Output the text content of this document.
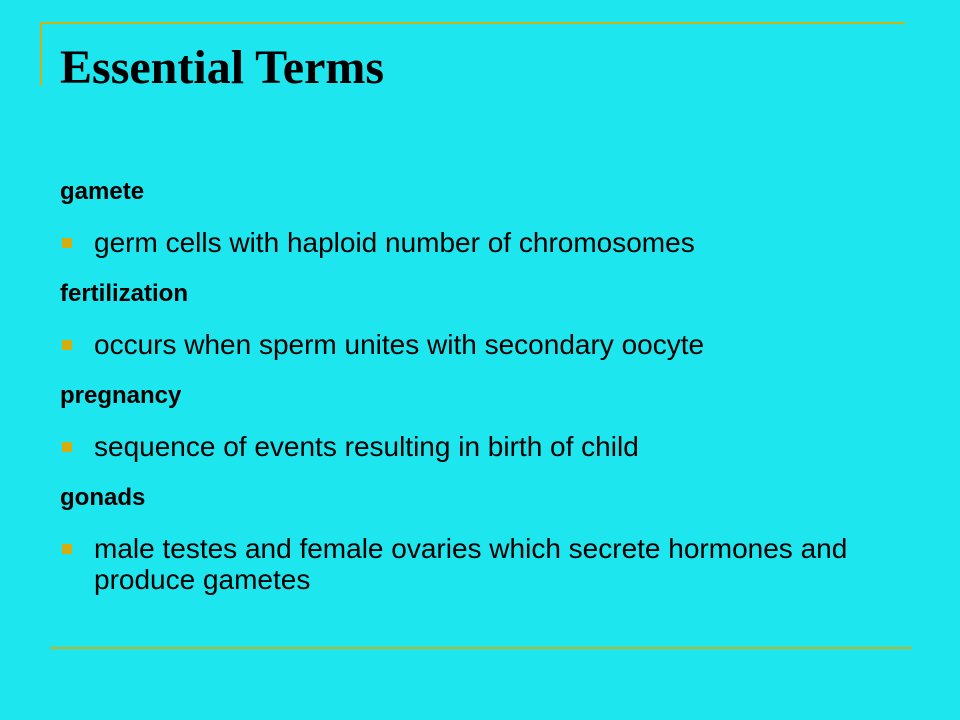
Essential Terms
gamete
germ cells with haploid number of chromosomes
fertilization
occurs when sperm unites with secondary oocyte
pregnancy
sequence of events resulting in birth of child
gonads
male testes and female ovaries which secrete hormones and produce gametes
